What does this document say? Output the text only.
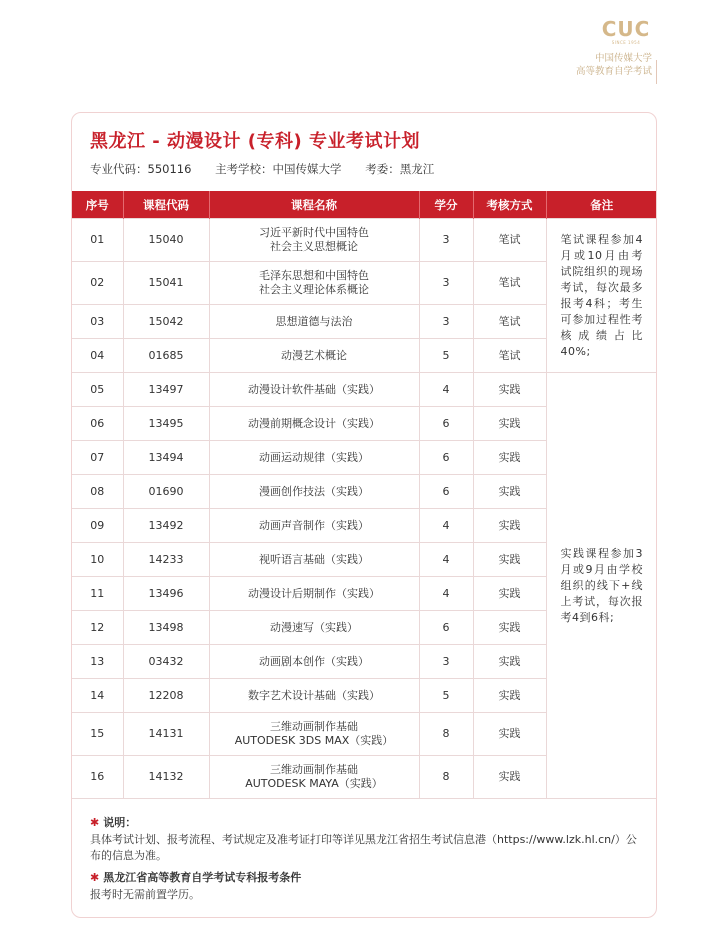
CUC
SINCE 1954
中国传媒大学
高等教育自学考试
黑龙江 - 动漫设计 (专科) 专业考试计划
专业代码：550116 主考学校：中国传媒大学 考委：黑龙江
序号	课程代码	课程名称	学分	考核方式	备注
01	15040	习近平新时代中国特色
社会主义思想概论	3	笔试	笔试课程参加4月或10月由考试院组织的现场考试，每次最多报考4科；考生可参加过程性考核成绩占比40%;
02	15041	毛泽东思想和中国特色
社会主义理论体系概论	3	笔试	
03	15042	思想道德与法治	3	笔试	
04	01685	动漫艺术概论	5	笔试	
05	13497	动漫设计软件基础（实践）	4	实践	实践课程参加3月或9月由学校组织的线下+线上考试，每次报考4到6科;
06	13495	动漫前期概念设计（实践）	6	实践	
07	13494	动画运动规律（实践）	6	实践	
08	01690	漫画创作技法（实践）	6	实践	
09	13492	动画声音制作（实践）	4	实践	
10	14233	视听语言基础（实践）	4	实践	
11	13496	动漫设计后期制作（实践）	4	实践	
12	13498	动漫速写（实践）	6	实践	
13	03432	动画剧本创作（实践）	3	实践	
14	12208	数字艺术设计基础（实践）	5	实践	
15	14131	三维动画制作基础
AUTODESK 3DS MAX（实践）	8	实践	
16	14132	三维动画制作基础
AUTODESK MAYA（实践）	8	实践	
✱ 说明：

具体考试计划、报考流程、考试规定及准考证打印等详见黑龙江省招生考试信息港（https://www.lzk.hl.cn/）公布的信息为准。

✱ 黑龙江省高等教育自学考试专科报考条件

报考时无需前置学历。
